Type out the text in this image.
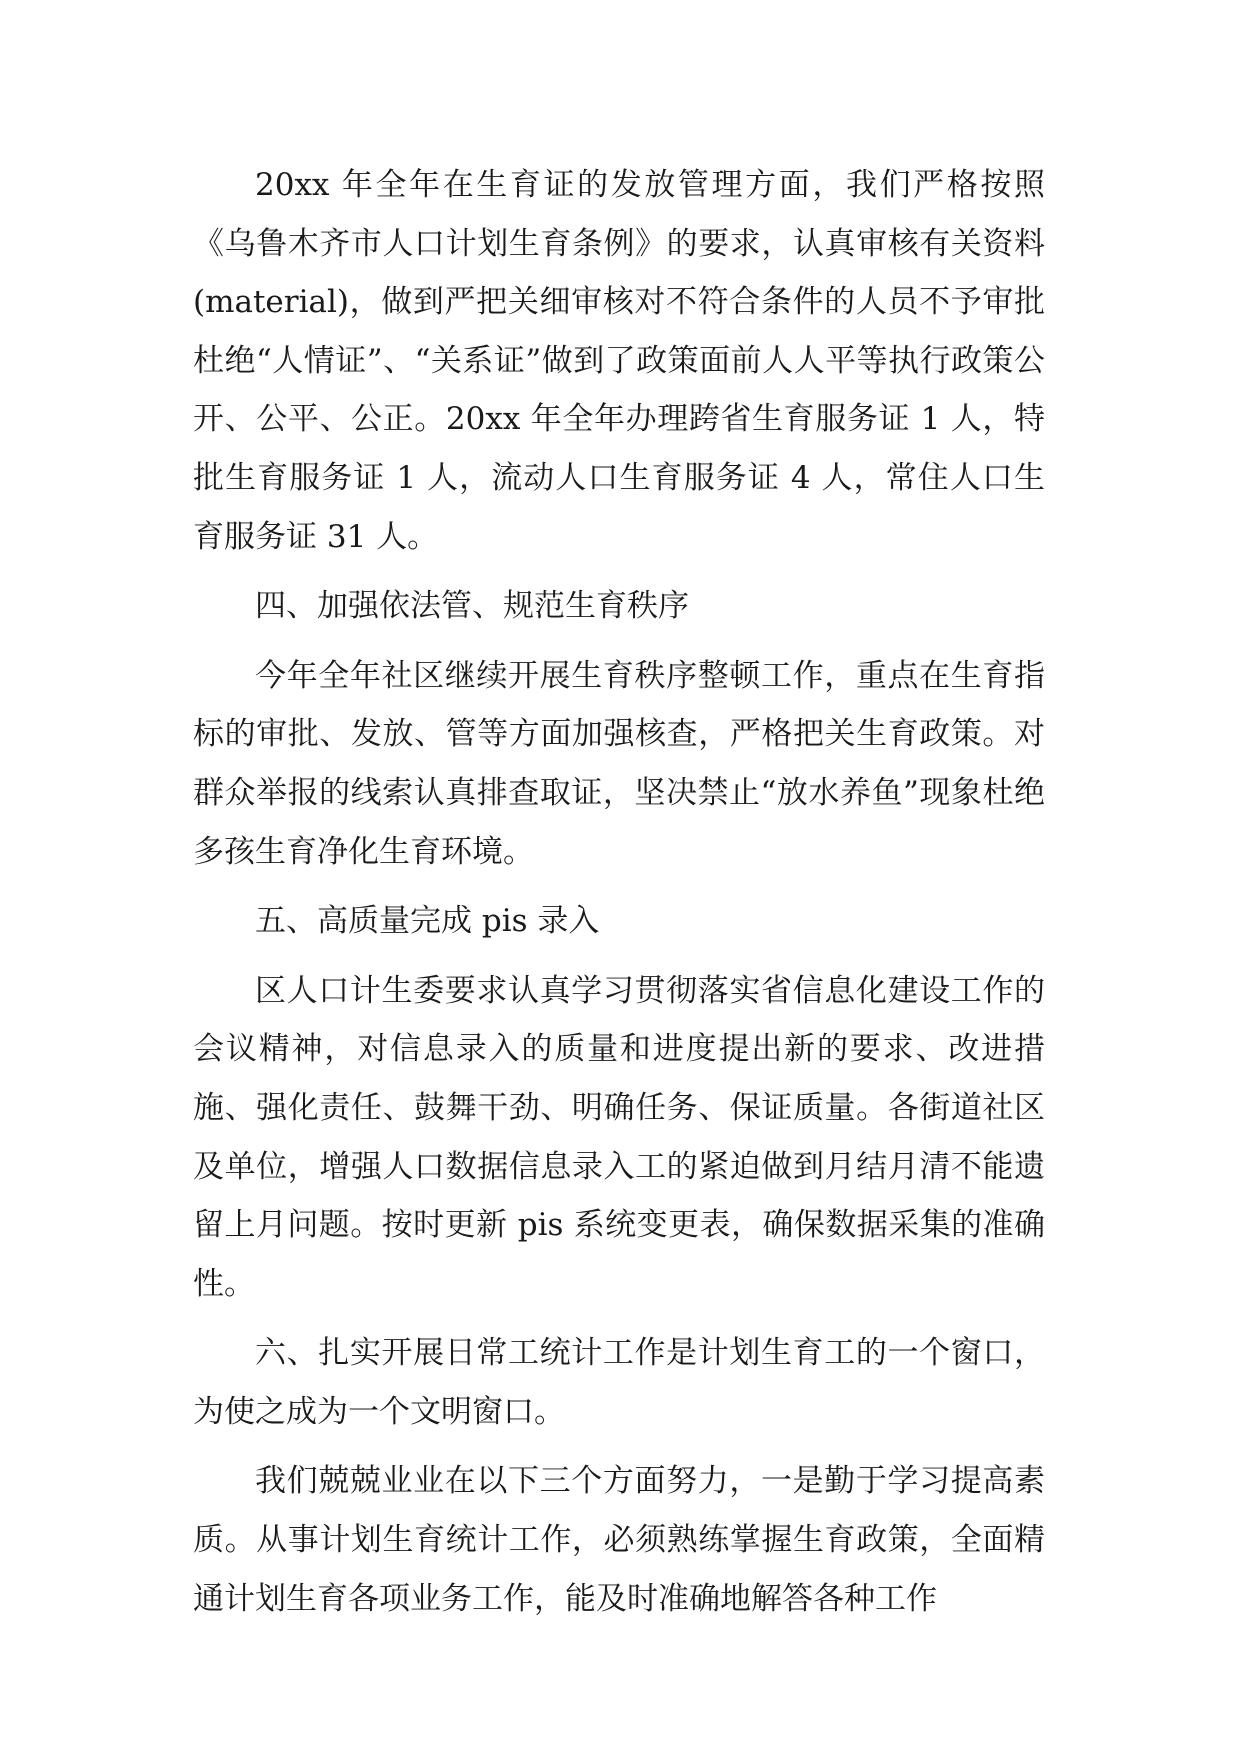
20xx 年全年在生育证的发放管理方面，我们严格按照《乌鲁木齐市人口计划生育条例》的要求，认真审核有关资料(material)，做到严把关细审核对不符合条件的人员不予审批杜绝“人情证”、“关系证”做到了政策面前人人平等执行政策公开、公平、公正。20xx 年全年办理跨省生育服务证 1 人，特批生育服务证 1 人，流动人口生育服务证 4 人，常住人口生育服务证 31 人。

四、加强依法管、规范生育秩序

今年全年社区继续开展生育秩序整顿工作，重点在生育指标的审批、发放、管等方面加强核查，严格把关生育政策。对群众举报的线索认真排查取证，坚决禁止“放水养鱼”现象杜绝多孩生育净化生育环境。

五、高质量完成 pis 录入

区人口计生委要求认真学习贯彻落实省信息化建设工作的会议精神，对信息录入的质量和进度提出新的要求、改进措施、强化责任、鼓舞干劲、明确任务、保证质量。各街道社区及单位，增强人口数据信息录入工的紧迫做到月结月清不能遗留上月问题。按时更新 pis 系统变更表，确保数据采集的准确性。

六、扎实开展日常工统计工作是计划生育工的一个窗口，为使之成为一个文明窗口。

我们兢兢业业在以下三个方面努力，一是勤于学习提高素质。从事计划生育统计工作，必须熟练掌握生育政策，全面精通计划生育各项业务工作，能及时准确地解答各种工作
